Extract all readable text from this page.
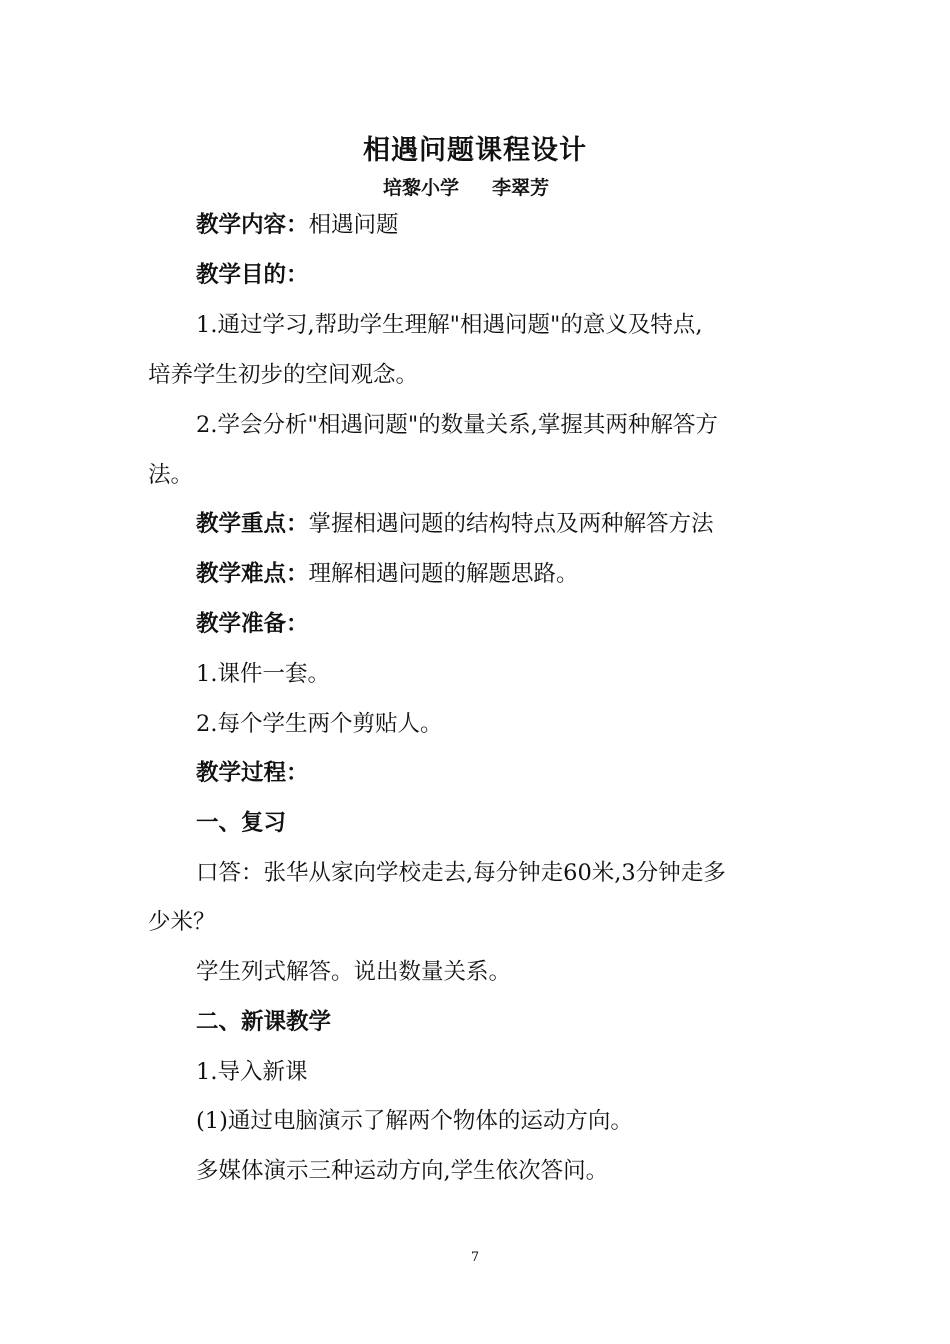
相遇问题课程设计
培黎小学     李翠芳
教学内容：相遇问题
教学目的：
1.通过学习,帮助学生理解"相遇问题"的意义及特点,
培养学生初步的空间观念。
2.学会分析"相遇问题"的数量关系,掌握其两种解答方
法。
教学重点：掌握相遇问题的结构特点及两种解答方法
教学难点：理解相遇问题的解题思路。
教学准备：
1.课件一套。
2.每个学生两个剪贴人。
教学过程：
一、复习
口答：张华从家向学校走去,每分钟走60米,3分钟走多
少米？
学生列式解答。说出数量关系。
二、新课教学
1.导入新课
(1)通过电脑演示了解两个物体的运动方向。
多媒体演示三种运动方向,学生依次答问。
7
